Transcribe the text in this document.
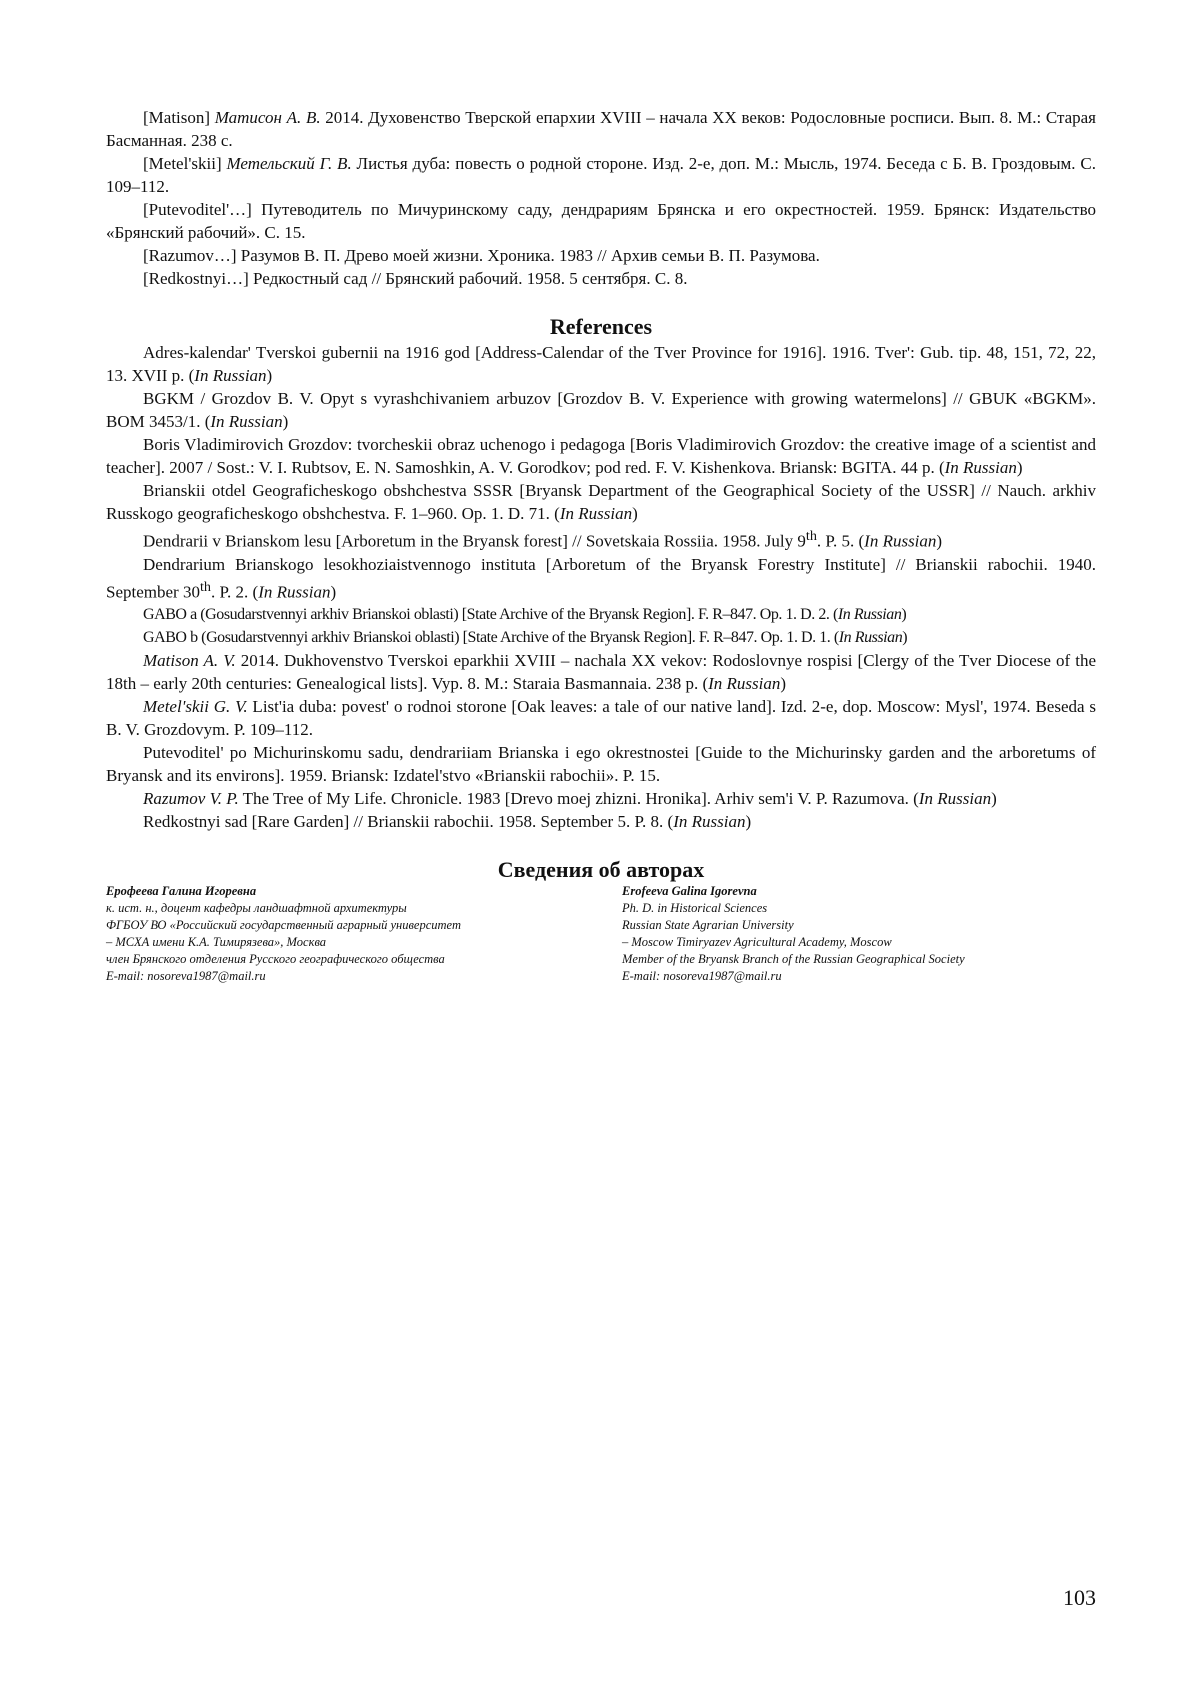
[Matison] Матисон А. В. 2014. Духовенство Тверской епархии XVIII – начала XX веков: Родословные росписи. Вып. 8. М.: Старая Басманная. 238 с.

[Metel'skii] Метельский Г. В. Листья дуба: повесть о родной стороне. Изд. 2-е, доп. М.: Мысль, 1974. Беседа с Б. В. Гроздовым. С. 109–112.

[Putevoditel'…] Путеводитель по Мичуринскому саду, дендрариям Брянска и его окрестностей. 1959. Брянск: Издательство «Брянский рабочий». С. 15.

[Razumov…] Разумов В. П. Древо моей жизни. Хроника. 1983 // Архив семьи В. П. Разумова.

[Redkostnyi…] Редкостный сад // Брянский рабочий. 1958. 5 сентября. С. 8.

References

Adres-kalendar' Tverskoi gubernii na 1916 god [Address-Calendar of the Tver Province for 1916]. 1916. Tver': Gub. tip. 48, 151, 72, 22, 13. XVII p. (In Russian)

BGKM / Grozdov B. V. Opyt s vyrashchivaniem arbuzov [Grozdov B. V. Experience with growing watermelons] // GBUK «BGKM». BOM 3453/1. (In Russian)

Boris Vladimirovich Grozdov: tvorcheskii obraz uchenogo i pedagoga [Boris Vladimirovich Grozdov: the creative image of a scientist and teacher]. 2007 / Sost.: V. I. Rubtsov, E. N. Samoshkin, A. V. Gorodkov; pod red. F. V. Kishenkova. Briansk: BGITA. 44 p. (In Russian)

Brianskii otdel Geograficheskogo obshchestva SSSR [Bryansk Department of the Geographical Society of the USSR] // Nauch. arkhiv Russkogo geograficheskogo obshchestva. F. 1–960. Op. 1. D. 71. (In Russian)

Dendrarii v Brianskom lesu [Arboretum in the Bryansk forest] // Sovetskaia Rossiia. 1958. July 9th. P. 5. (In Russian)

Dendrarium Brianskogo lesokhoziaistvennogo instituta [Arboretum of the Bryansk Forestry Institute] // Brianskii rabochii. 1940. September 30th. P. 2. (In Russian)

GABO a (Gosudarstvennyi arkhiv Brianskoi oblasti) [State Archive of the Bryansk Region]. F. R–847. Op. 1. D. 2. (In Russian)

GABO b (Gosudarstvennyi arkhiv Brianskoi oblasti) [State Archive of the Bryansk Region]. F. R–847. Op. 1. D. 1. (In Russian)

Matison A. V. 2014. Dukhovenstvo Tverskoi eparkhii XVIII – nachala XX vekov: Rodoslovnye rospisi [Clergy of the Tver Diocese of the 18th – early 20th centuries: Genealogical lists]. Vyp. 8. M.: Staraia Basmannaia. 238 p. (In Russian)

Metel'skii G. V. List'ia duba: povest' o rodnoi storone [Oak leaves: a tale of our native land]. Izd. 2-e, dop. Moscow: Mysl', 1974. Beseda s B. V. Grozdovym. P. 109–112.

Putevoditel' po Michurinskomu sadu, dendrariiam Brianska i ego okrestnostei [Guide to the Michurinsky garden and the arboretums of Bryansk and its environs]. 1959. Briansk: Izdatel'stvo «Brianskii rabochii». P. 15.

Razumov V. P. The Tree of My Life. Chronicle. 1983 [Drevo moej zhizni. Hronika]. Arhiv sem'i V. P. Razumova. (In Russian)

Redkostnyi sad [Rare Garden] // Brianskii rabochii. 1958. September 5. P. 8. (In Russian)

Сведения об авторах
Ерофеева Галина Игоревна
к. ист. н., доцент кафедры ландшафтной архитектуры
ФГБОУ ВО «Российский государственный аграрный университет
– МСХА имени К.А. Тимирязева», Москва
член Брянского отделения Русского географического общества
E-mail: nosoreva1987@mail.ru
Erofeeva Galina Igorevna
Ph. D. in Historical Sciences
Russian State Agrarian University
– Moscow Timiryazev Agricultural Academy, Moscow
Member of the Bryansk Branch of the Russian Geographical Society
E-mail: nosoreva1987@mail.ru
103
